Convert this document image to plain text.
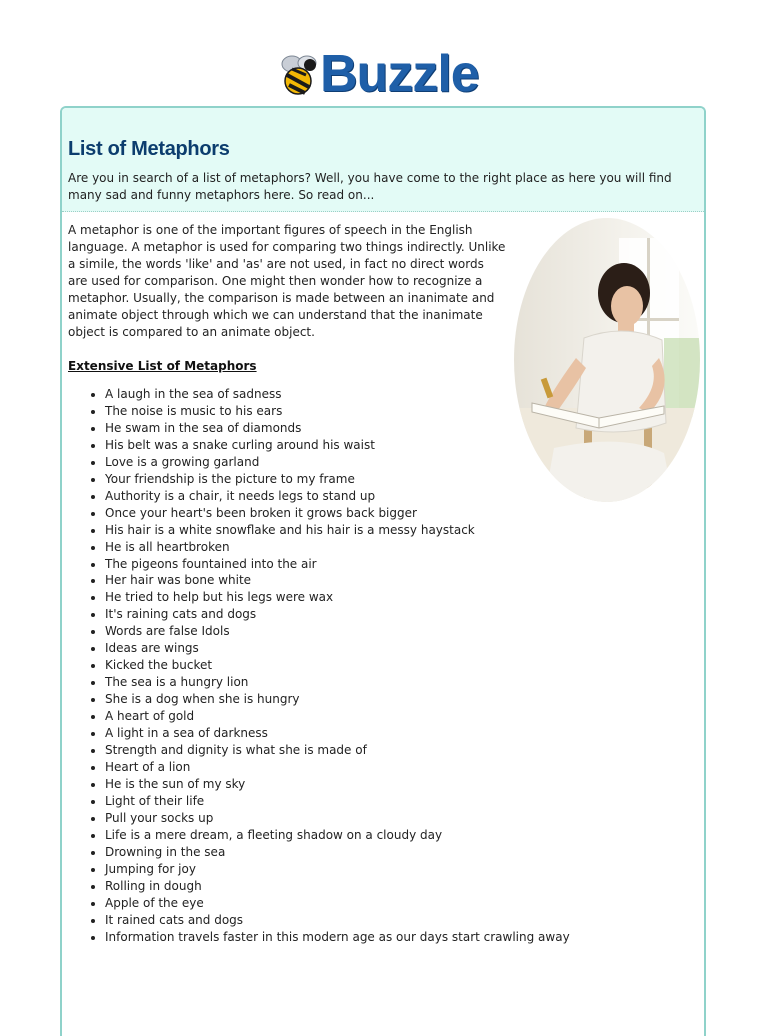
Buzzle
List of Metaphors

Are you in search of a list of metaphors? Well, you have come to the right place as here you will find many sad and funny metaphors here. So read on...

A metaphor is one of the important figures of speech in the English language. A metaphor is used for comparing two things indirectly. Unlike a simile, the words 'like' and 'as' are not used, in fact no direct words are used for comparison. One might then wonder how to recognize a metaphor. Usually, the comparison is made between an inanimate and animate object through which we can understand that the inanimate object is compared to an animate object.

Extensive List of Metaphors
• A laugh in the sea of sadness
• The noise is music to his ears
• He swam in the sea of diamonds
• His belt was a snake curling around his waist
• Love is a growing garland
• Your friendship is the picture to my frame
• Authority is a chair, it needs legs to stand up
• Once your heart's been broken it grows back bigger
• His hair is a white snowflake and his hair is a messy haystack
• He is all heartbroken
• The pigeons fountained into the air
• Her hair was bone white
• He tried to help but his legs were wax
• It's raining cats and dogs
• Words are false Idols
• Ideas are wings
• Kicked the bucket
• The sea is a hungry lion
• She is a dog when she is hungry
• A heart of gold
• A light in a sea of darkness
• Strength and dignity is what she is made of
• Heart of a lion
• He is the sun of my sky
• Light of their life
• Pull your socks up
• Life is a mere dream, a fleeting shadow on a cloudy day
• Drowning in the sea
• Jumping for joy
• Rolling in dough
• Apple of the eye
• It rained cats and dogs
• Information travels faster in this modern age as our days start crawling away
